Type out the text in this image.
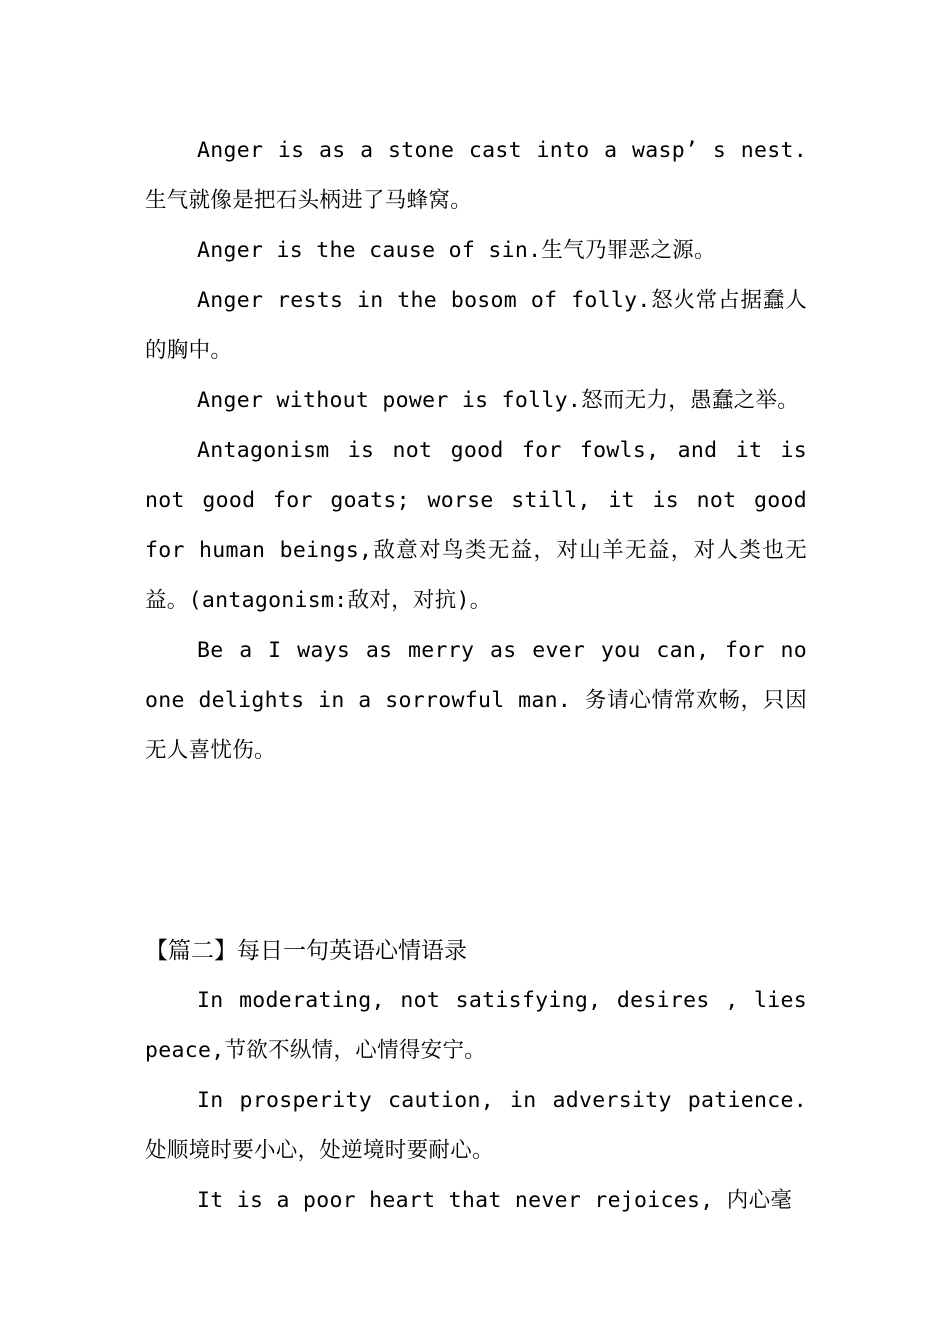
Anger is as a stone cast into a wasp’ s nest.生气就像是把石头柄进了马蜂窝。

Anger is the cause of sin.生气乃罪恶之源。

Anger rests in the bosom of folly.怒火常占据蠢人的胸中。

Anger without power is folly.怒而无力，愚蠢之举。

Antagonism is not good for fowls, and it is not good for goats; worse still, it is not good for human beings,敌意对鸟类无益，对山羊无益，对人类也无益。(antagonism:敌对，对抗)。

Be a I ways as merry as ever you can, for no one delights in a sorrowful man. 务请心情常欢畅，只因无人喜忧伤。

【篇二】每日一句英语心情语录

In moderating, not satisfying, desires , lies peace,节欲不纵情，心情得安宁。

In prosperity caution, in adversity patience.处顺境时要小心，处逆境时要耐心。

It is a poor heart that never rejoices, 内心毫
